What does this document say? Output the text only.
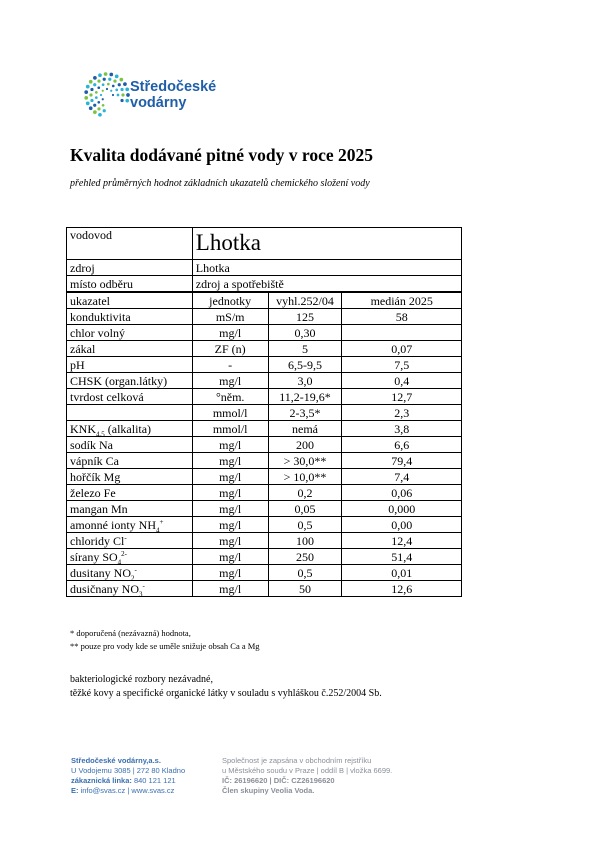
Středočeské
vodárny
Kvalita dodávané pitné vody v roce 2025
přehled průměrných hodnot základních ukazatelů chemického složení vody
vodovod	Lhotka		
zdroj	Lhotka		
místo odběru	zdroj a spotřebiště		
ukazatel	jednotky	vyhl.252/04	medián 2025
konduktivita	mS/m	125	58
chlor volný	mg/l	0,30	
zákal	ZF (n)	5	0,07
pH	-	6,5-9,5	7,5
CHSK (organ.látky)	mg/l	3,0	0,4
tvrdost celková	°něm.	11,2-19,6*	12,7
	mmol/l	2-3,5*	2,3
$KNK_{4,5}$ (alkalita)	mmol/l	nemá	3,8
sodík Na	mg/l	200	6,6
vápník Ca	mg/l	> 30,0**	79,4
hořčík Mg	mg/l	> 10,0**	7,4
železo Fe	mg/l	0,2	0,06
mangan Mn	mg/l	0,05	0,000
amonné ionty $NH_4^+$	mg/l	0,5	0,00
chloridy Cl-	mg/l	100	12,4
sírany $SO_4^{2-}$	mg/l	250	51,4
dusitany $NO_2^-$	mg/l	0,5	0,01
dusičnany $NO_3^-$	mg/l	50	12,6
* doporučená (nezávazná) hodnota,
** pouze pro vody kde se uměle snižuje obsah Ca a Mg
bakteriologické rozbory nezávadné,
těžké kovy a specifické organické látky v souladu s vyhláškou č.252/2004 Sb.
Středočeské vodárny,a.s.
U Vodojemu 3085 | 272 80 Kladno
zákaznická linka: 840 121 121
E: info@svas.cz | www.svas.cz
Společnost je zapsána v obchodním rejstříku
u Městského soudu v Praze | oddíl B | vložka 6699.
IČ: 26196620 | DIČ: CZ26196620
Člen skupiny Veolia Voda.
